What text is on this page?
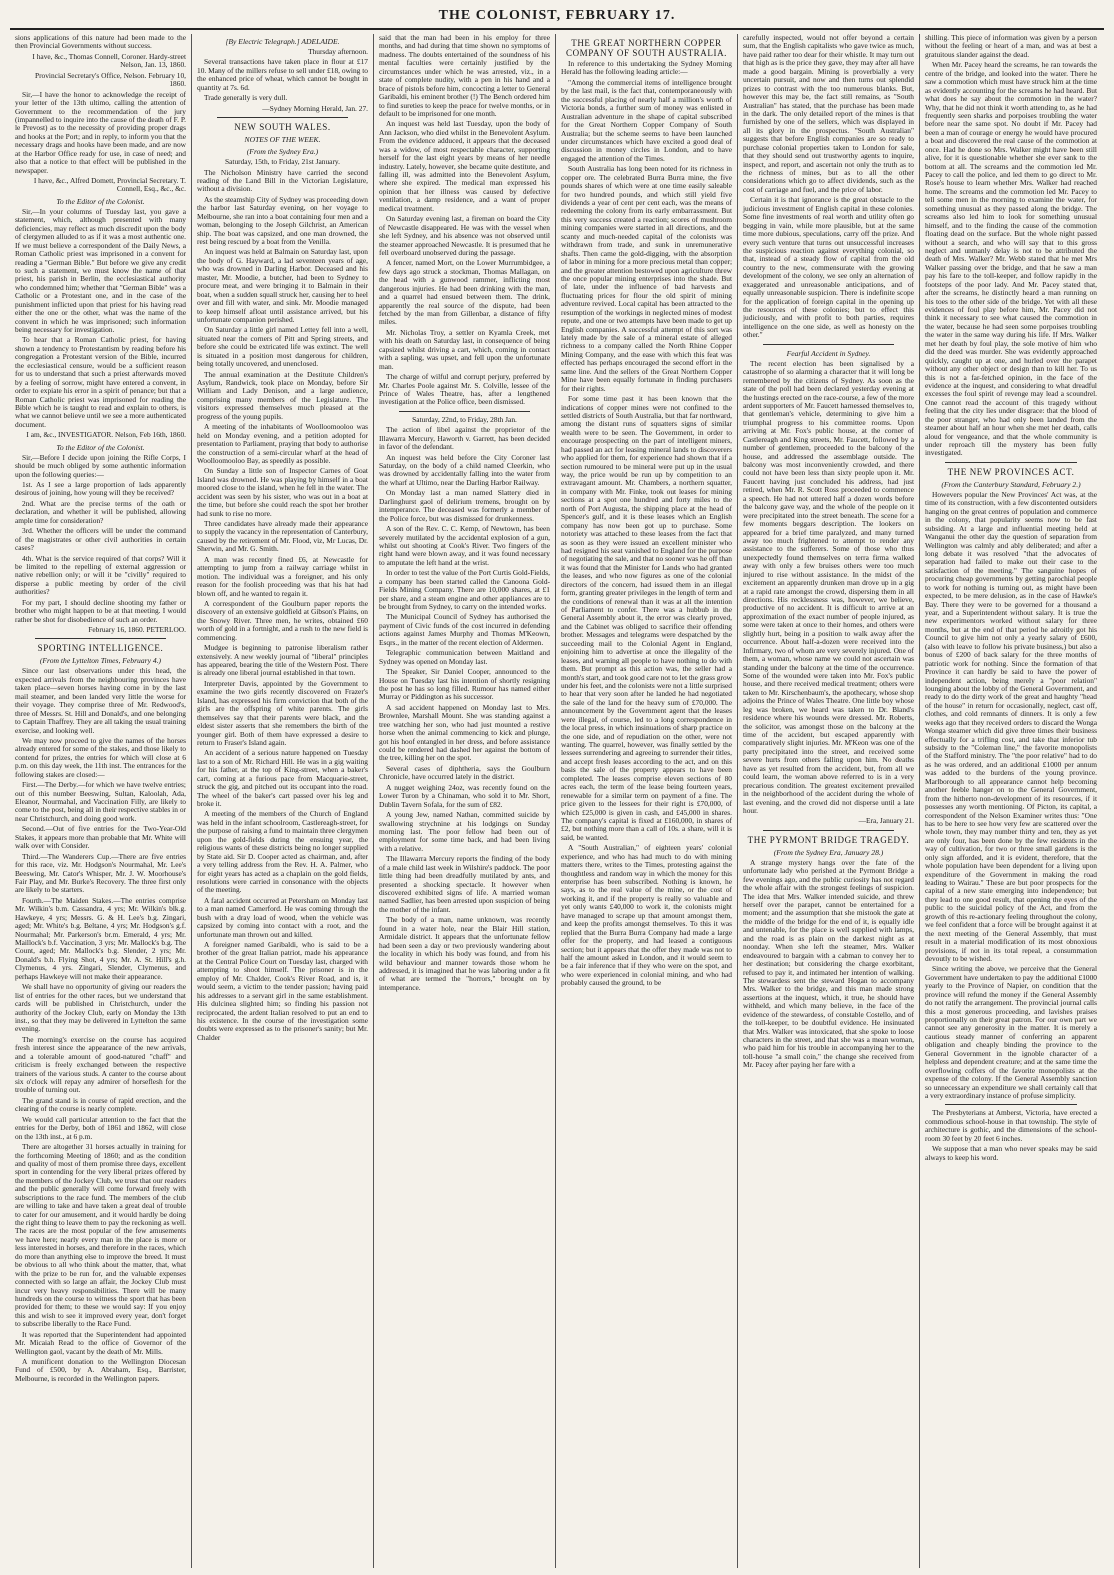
THE COLONIST, FEBRUARY 17.

sions applications of this nature had been made to the then Provincial Governments without success.

I have, &c., Thomas Connell, Coroner. Hardy-street Nelson, Jan. 13, 1860.

Provincial Secretary's Office, Nelson. February 10, 1860.

Sir,—I have the honor to acknowledge the receipt of your letter of the 13th ultimo, calling the attention of Government to the recommendation of the jury (impannelled to inquire into the cause of the death of F. P. le Prevost) as to the necessity of providing proper drags and hooks at the Port; and in reply, to inform you that the necessary drags and hooks have been made, and are now at the Harbor Office ready for use, in case of need; and also that a notice to that effect will be published in the newspaper.

I have, &c., Alfred Domett, Provincial Secretary. T. Connell, Esq., &c., &c.

To the Editor of the Colonist.

Sir,—In your columns of Tuesday last, you gave a statement, which, although presented with many deficiencies, may reflect as much discredit upon the body of clergymen alluded to as if it was a most authentic one. If we must believe a correspondent of the Daily News, a Roman Catholic priest was imprisoned in a convent for reading a "German Bible." But before we give any credit to such a statement, we must know the name of that priest, his parish in Berlin, the ecclesiastical authority who condemned him; whether that "German Bible" was a Catholic or a Protestant one, and in the case of the punishment inflicted upon that priest for his having read either the one or the other, what was the name of the convent in which he was imprisoned; such information being necessary for investigation.

To hear that a Roman Catholic priest, for having shown a tendency to Protestantism by reading before his congregation a Protestant version of the Bible, incurred the ecclesiastical censure, would be a sufficient reason for us to understand that such a priest afterwards moved by a feeling of sorrow, might have entered a convent, in order to expiate his error in a spirit of penance; but that a Roman Catholic priest was imprisoned for reading the Bible which he is taught to read and explain to others, is what we cannot believe until we see a more authenticated document.

I am, &c., INVESTIGATOR. Nelson, Feb 16th, 1860.

To the Editor of the Colonist.

Sir,—Before I decide upon joining the Rifle Corps, I should be much obliged by some authentic information upon the following queries:—

1st. As I see a large proportion of lads apparently desirous of joining, how young will they be received?

2nd. What are the precise terms of the oath or declaration, and whether it will be published, allowing ample time for consideration?

3rd. Whether the officers will be under the command of the magistrates or other civil authorities in certain cases?

4th. What is the service required of that corps? Will it be limited to the repelling of external aggression or native rebellion only; or will it be "civilly" required to disperse a public meeting by order of the civil authorities?

For my part, I should decline shooting my father or brother who might happen to be at that meeting. I would rather be shot for disobedience of such an order.

February 16, 1860. PETERLOO.

SPORTING INTELLIGENCE.
(From the Lyttelton Times, February 4.)

Since our last observations under this head, the expected arrivals from the neighbouring provinces have taken place—seven horses having come in by the last mail steamer, and been landed very little the worse for their voyage. They comprise three of Mr. Redwood's, three of Messrs. St. Hill and Donald's, and one belonging to Captain Thaffrey. They are all taking the usual training exercise, and looking well.

We may now proceed to give the names of the horses already entered for some of the stakes, and those likely to contend for prizes, the entries for which will close at 6 p.m. on this day week, the 11th inst. The entrances for the following stakes are closed:—

First.—The Derby.—for which we have twelve entries; out of this number Beeswing, Sultan, Kaloolah, Ada, Eleanor, Nourmahal, and Vaccination Filly, are likely to come to the post, being all in their respective stables in or near Christchurch, and doing good work.

Second.—Out of five entries for the Two-Year-Old Stakes, it appears more than probable that Mr. White will walk over with Consider.

Third.—The Wanderers Cup.—There are five entries for this race, viz. Mr. Hodgson's Nourmahal, Mr. Lee's Beeswing, Mr. Cator's Whisper, Mr. J. W. Moorhouse's Fair Play, and Mr. Burke's Recovery. The three first only are likely to be starters.

Fourth.—The Maiden Stakes.—The entries comprise Mr. Wilkin's b.m. Cassandra, 4 yrs; Mr. Wilkin's blk.g. Hawkeye, 4 yrs; Messrs. G. & H. Lee's b.g. Zingari, aged; Mr. White's b.g. Beltane, 4 yrs; Mr. Hodgson's g.f. Nourmahal; Mr. Parkerson's br.m. Emerald, 4 yrs; Mr. Maillock's b.f. Vaccination, 3 yrs; Mr. Mallock's b.g. The Count, aged; Mr. Mallock's b.g. Slender, 2 yrs; Mr. Donald's b.h. Flying Shot, 4 yrs; Mr. A. St. Hill's g.h. Clymenus, 4 yrs. Zingari, Slender, Clymenus, and perhaps Hawkeye will not make their appearance.

We shall have no opportunity of giving our readers the list of entries for the other races, but we understand that cards will be published in Christchurch, under the authority of the Jockey Club, early on Monday the 13th inst., so that they may be delivered in Lyttelton the same evening.

The morning's exercise on the course has acquired fresh interest since the appearance of the new arrivals, and a tolerable amount of good-natured "chaff" and criticism is freely exchanged between the respective trainers of the various studs. A canter to the course about six o'clock will repay any admirer of horseflesh for the trouble of turning out.

The grand stand is in course of rapid erection, and the clearing of the course is nearly complete.

We would call particular attention to the fact that the entries for the Derby, both of 1861 and 1862, will close on the 13th inst., at 6 p.m.

There are altogether 31 horses actually in training for the forthcoming Meeting of 1860; and as the condition and quality of most of them promise three days, excellent sport in contending for the very liberal prizes offered by the members of the Jockey Club, we trust that our readers and the public generally will come forward freely with subscriptions to the race fund. The members of the club are willing to take and have taken a great deal of trouble to cater for our amusement, and it would hardly be doing the right thing to leave them to pay the reckoning as well. The races are the most popular of the few amusements we have here; nearly every man in the place is more or less interested in horses, and therefore in the races, which do more than anything else to improve the breed. It must be obvious to all who think about the matter, that, what with the prize to be run for, and the valuable expenses connected with so large an affair, the Jockey Club must incur very heavy responsibilities. There will be many hundreds on the course to witness the sport that has been provided for them; to these we would say: If you enjoy this and wish to see it improved every year, don't forget to subscribe liberally to the Race Fund.

It was reported that the Superintendent had appointed Mr. Micaiah Read to the office of Governor of the Wellington gaol, vacant by the death of Mr. Mills.

A munificent donation to the Wellington Diocesan Fund of £500, by A. Abraham, Esq., Barrister, Melbourne, is recorded in the Wellington papers.

[By Electric Telegraph.] ADELAIDE.

Thursday afternoon.

Several transactions have taken place in flour at £17 10. Many of the millers refuse to sell under £18, owing to the enhanced price of wheat, which cannot be bought in quantity at 7s. 6d.

Trade generally is very dull.

—Sydney Morning Herald, Jan. 27.

NEW SOUTH WALES.
NOTES OF THE WEEK.
(From the Sydney Era.)

Saturday, 15th, to Friday, 21st January.

The Nicholson Ministry have carried the second reading of the Land Bill in the Victorian Legislature, without a division.

As the steamship City of Sydney was proceeding down the harbor last Saturday evening, on her voyage to Melbourne, she ran into a boat containing four men and a woman, belonging to the Joseph Gilchrist, an American ship. The boat was capsized, and one man drowned, the rest being rescued by a boat from the Venilla.

An inquest was held at Balmain on Saturday last, upon the body of G. Hayward, a lad seventeen years of age, who was drowned in Darling Harbor. Deceased and his master, Mr. Moodie, a butcher, had been to Sydney to procure meat, and were bringing it to Balmain in their boat, when a sudden squall struck her, causing her to heel over and fill with water, and sink. Mr. Moodie managed to keep himself afloat until assistance arrived, but his unfortunate companion perished.

On Saturday a little girl named Lettey fell into a well, situated near the corners of Pitt and Spring streets, and before she could be extricated life was extinct. The well is situated in a position most dangerous for children, being totally uncovered, and unenclosed.

The annual examination at the Destitute Children's Asylum, Randwick, took place on Monday, before Sir William and Lady Denison, and a large audience, comprising many members of the Legislature. The visitors expressed themselves much pleased at the progress of the young pupils.

A meeting of the inhabitants of Woolloomooloo was held on Monday evening, and a petition adopted for presentation to Parliament, praying that body to authorise the construction of a semi-circular wharf at the head of Woolloomooloo Bay, as speedily as possible.

On Sunday a little son of Inspector Carnes of Goat Island was drowned. He was playing by himself in a boat moored close to the island, when he fell in the water. The accident was seen by his sister, who was out in a boat at the time, but before she could reach the spot her brother had sunk to rise no more.

Three candidates have already made their appearance to supply the vacancy in the representation of Canterbury, caused by the retirement of Mr. Flood, viz, Mr Lucas, Dr. Sherwin, and Mr. G. Smith.

A man was recently fined £6, at Newcastle for attempting to jump from a railway carriage whilst in motion. The individual was a foreigner, and his only reason for the foolish proceeding was that his hat had blown off, and he wanted to regain it.

A correspondent of the Goulburn paper reports the discovery of an extensive goldfield at Gibson's Plains, on the Snowy River. Three men, he writes, obtained £60 worth of gold in a fortnight, and a rush to the new field is commencing.

Mudgee is beginning to patronise liberalism rather extensively. A new weekly journal of "liberal" principles has appeared, bearing the title of the Western Post. There is already one liberal journal established in that town.

Interpreter Davis, appointed by the Government to examine the two girls recently discovered on Frazer's Island, has expressed his firm conviction that both of the girls are the offspring of white parents. The girls themselves say that their parents were black, and the eldest sister asserts that she remembers the birth of the younger girl. Both of them have expressed a desire to return to Fraser's Island again.

An accident of a serious nature happened on Tuesday last to a son of Mr. Richard Hill. He was in a gig waiting for his father, at the top of King-street, when a baker's cart, coming at a furious pace from Macquarie-street, struck the gig, and pitched out its occupant into the road. The wheel of the baker's cart passed over his leg and broke it.

A meeting of the members of the Church of England was held in the infant schoolroom, Castlereagh-street, for the purpose of raising a fund to maintain three clergymen upon the gold-fields during the ensuing year, the religious wants of these districts being no longer supplied by State aid. Sir D. Cooper acted as chairman, and, after a very telling address from the Rev. H. A. Palmer, who for eight years has acted as a chaplain on the gold fields, resolutions were carried in consonance with the objects of the meeting.

A fatal accident occurred at Petersham on Monday last to a man named Camerford. He was coming through the bush with a dray load of wood, when the vehicle was capsized by coming into contact with a root, and the unfortunate man thrown out and killed.

A foreigner named Garibaldi, who is said to be a brother of the great Italian patriot, made his appearance at the Central Police Court on Tuesday last, charged with attempting to shoot himself. The prisoner is in the employ of Mr. Chalder, Cook's River Road, and is, it would seem, a victim to the tender passion; having paid his addresses to a servant girl in the same establishment. His dulcinea slighted him; so finding his passion not reciprocated, the ardent Italian resolved to put an end to his existence. In the course of the investigation some doubts were expressed as to the prisoner's sanity; but Mr. Chalder

said that the man had been in his employ for three months, and had during that time shown no symptoms of madness. The doubts entertained of the soundness of his mental faculties were certainly justified by the circumstances under which he was arrested, viz., in a state of complete nudity, with a pen in his hand and a brace of pistols before him, concocting a letter to General Garibaldi, his eminent brother (!) The Bench ordered him to find sureties to keep the peace for twelve months, or in default to be imprisoned for one month.

An inquest was held last Tuesday, upon the body of Ann Jackson, who died whilst in the Benevolent Asylum. From the evidence adduced, it appears that the deceased was a widow, of most respectable character, supporting herself for the last eight years by means of her needle industry. Lately, however, she became quite destitute, and falling ill, was admitted into the Benevolent Asylum, where she expired. The medical man expressed his opinion that her illness was caused by defective ventilation, a damp residence, and a want of proper medical treatment.

On Saturday evening last, a fireman on board the City of Newcastle disappeared. He was with the vessel when she left Sydney, and his absence was not observed until the steamer approached Newcastle. It is presumed that he fell overboard unobserved during the passage.

A fencer, named Mort, on the Lower Murrumbidgee, a few days ago struck a stockman, Thomas Mallagan, on the head with a gunwood rammer, inflicting most dangerous injuries. He had been drinking with the man, and a quarrel had ensued between them. The drink, apparently the real source of the dispute, had been fetched by the man from Gillenbar, a distance of fifty miles.

Mr. Nicholas Troy, a settler on Kyamla Creek, met with his death on Saturday last, in consequence of being capsized whilst driving a cart, which, coming in contact with a sapling, was upset, and fell upon the unfortunate man.

The charge of wilful and corrupt perjury, preferred by Mr. Charles Poole against Mr. S. Colville, lessee of the Prince of Wales Theatre, has, after a lengthened investigation at the Police office, been dismissed.

Saturday, 22nd, to Friday, 28th Jan.

The action of libel against the proprietor of the Illawarra Mercury, Haworth v. Garrett, has been decided in favor of the defendant.

An inquest was held before the City Coroner last Saturday, on the body of a child named Cleerkin, who was drowned by accidentally falling into the water from the wharf at Ultimo, near the Darling Harbor Railway.

On Monday last a man named Slattery died in Darlinghurst gaol of delirium tremens, brought on by intemperance. The deceased was formerly a member of the Police force, but was dismissed for drunkenness.

A son of the Rev. C. C. Kemp, of Newtown, has been severely mutilated by the accidental explosion of a gun, whilst out shooting at Cook's River. Two fingers of the right hand were blown away, and it was found necessary to amputate the left hand at the wrist.

In order to test the value of the Port Curtis Gold-Fields, a company has been started called the Canoona Gold-Fields Mining Company. There are 10,000 shares, at £1 per share, and a steam engine and other appliances are to be brought from Sydney, to carry on the intended works.

The Municipal Council of Sydney has authorised the payment of Civic funds of the cost incurred in defending actions against James Murphy and Thomas M'Keown, Esqrs., in the matter of the recent election of Aldermen.

Telegraphic communication between Maitland and Sydney was opened on Monday last.

The Speaker, Sir Daniel Cooper, announced to the House on Tuesday last his intention of shortly resigning the post he has so long filled. Rumour has named either Murray or Piddington as his successor.

A sad accident happened on Monday last to Mrs. Brownlee, Marshall Mount. She was standing against a tree watching her son, who had just mounted a restive horse when the animal commencing to kick and plunge, got his hoof entangled in her dress, and before assistance could be rendered had dashed her against the bottom of the tree, killing her on the spot.

Several cases of diphtheria, says the Goulburn Chronicle, have occurred lately in the district.

A nugget weighing 24oz, was recently found on the Lower Turon by a Chinaman, who sold it to Mr. Short, Dublin Tavern Sofala, for the sum of £82.

A young Jew, named Nathan, committed suicide by swallowing strychnine at his lodgings on Sunday morning last. The poor fellow had been out of employment for some time back, and had been living with a relative.

The Illawarra Mercury reports the finding of the body of a male child last week in Wilshire's paddock. The poor little thing had been dreadfully mutilated by ants, and presented a shocking spectacle. It however when discovered exhibited signs of life. A married woman named Sadlier, has been arrested upon suspicion of being the mother of the infant.

The body of a man, name unknown, was recently found in a water hole, near the Blair Hill station, Armidale district. It appears that the unfortunate fellow had been seen a day or two previously wandering about the locality in which his body was found, and from his wild behaviour and manner towards those whom he addressed, it is imagined that he was laboring under a fit of what are termed the "horrors," brought on by intemperance.

THE GREAT NORTHERN COPPER COMPANY OF SOUTH AUSTRALIA.

In reference to this undertaking the Sydney Morning Herald has the following leading article:—

"Among the commercial items of intelligence brought by the last mail, is the fact that, contemporaneously with the successful placing of nearly half a million's worth of Victoria bonds, a further sum of money was enlisted in Australian adventure in the shape of capital subscribed for the Great Northern Copper Company of South Australia; but the scheme seems to have been launched under circumstances which have excited a good deal of discussion in money circles in London, and to have engaged the attention of the Times.

South Australia has long been noted for its richness in copper ore. The celebrated Burra Burra mine, the five pounds shares of which were at one time easily saleable for two hundred pounds, and which still yield five dividends a year of cent per cent each, was the means of redeeming the colony from its early embarrassment. But this very success created a reaction; scores of mushroom mining companies were started in all directions, and the scanty and much-needed capital of the colonists was withdrawn from trade, and sunk in unremunerative shafts. Then came the gold-digging, with the absorption of labor in mining for a more precious metal than copper; and the greater attention bestowed upon agriculture threw the once popular mining enterprises into the shade. But of late, under the influence of bad harvests and fluctuating prices for flour the old spirit of mining adventure revived. Local capital has been attracted to the resumption of the workings in neglected mines of modest repute, and one or two attempts have been made to get up English companies. A successful attempt of this sort was lately made by the sale of a mineral estate of alleged richness to a company called the North Rhine Copper Mining Company, and the ease with which this feat was effected has perhaps encouraged the second effort in the same line. And the sellers of the Great Northern Copper Mine have been equally fortunate in finding purchasers for their rights.

For some time past it has been known that the indications of copper mines were not confined to the settled districts of South Australia, but that far northward, among the distant runs of squatters signs of similar wealth were to be seen. The Government, in order to encourage prospecting on the part of intelligent miners, had passed an act for leasing mineral lands to discoverers who applied for them, for experience had shown that if a section rumoured to be mineral were put up in the usual way, the price would be run up by competition to an extravagant amount. Mr. Chambers, a northern squatter, in company with Mr. Finke, took out leases for mining sections at a spot one hundred and forty miles to the north of Port Augusta, the shipping place at the head of Spencer's gulf, and it is these leases which an English company has now been got up to purchase. Some notoriety was attached to these leases from the fact that as soon as they were issued an excellent minister who had resigned his seat vanished to England for the purpose of negotiating the sale, and that no sooner was he off than it was found that the Minister for Lands who had granted the leases, and who now figures as one of the colonial directors of the concern, had issued them in an illegal form, granting greater privileges in the length of term and the conditions of renewal than it was at all the intention of Parliament to confer. There was a hubbub in the General Assembly about it, the error was clearly proved, and the Cabinet was obliged to sacrifice their offending brother. Messages and telegrams were despatched by the succeeding mail to the Colonial Agent in England, enjoining him to advertise at once the illegality of the leases, and warning all people to have nothing to do with them. But prompt as this action was, the seller had a month's start, and took good care not to let the grass grow under his feet, and the colonists were not a little surprised to hear that very soon after he landed he had negotiated the sale of the land for the heavy sum of £70,000. The announcement by the Government agent that the leases were illegal, of course, led to a long correspondence in the local press, in which insinuations of sharp practice on the one side, and of repudiation on the other, were not wanting. The quarrel, however, was finally settled by the lessees surrendering and agreeing to surrender their titles, and accept fresh leases according to the act, and on this basis the sale of the property appears to have been completed. The leases comprise eleven sections of 80 acres each, the term of the lease being fourteen years, renewable for a similar term on payment of a fine. The price given to the lessees for their right is £70,000, of which £25,000 is given in cash, and £45,000 in shares. The company's capital is fixed at £160,000, in shares of £2, but nothing more than a call of 10s. a share, will it is said, be wanted.

A "South Australian," of eighteen years' colonial experience, and who has had much to do with mining matters there, writes to the Times, protesting against the thoughtless and random way in which the money for this enterprise has been subscribed. Nothing is known, he says, as to the real value of the mine, or the cost of working it, and if the property is really so valuable and yet only wants £40,000 to work it, the colonists might have managed to scrape up that amount amongst them, and keep the profits amongst themselves. To this it was replied that the Burra Burra Company had made a large offer for the property, and had leased a contiguous section; but it appears that the offer they made was not to half the amount asked in London, and it would seem to be a fair inference that if they who were on the spot, and who were experienced in colonial mining, and who had probably caused the ground, to be

carefully inspected, would not offer beyond a certain sum, that the English capitalists who gave twice as much, have paid rather too dear for their whistle. It may turn out that high as is the price they gave, they may after all have made a good bargain. Mining is proverbially a very uncertain pursuit, and now and then turns out splendid prizes to contrast with the too numerous blanks. But, however this may be, the fact still remains, as "South Australian" has stated, that the purchase has been made in the dark. The only detailed report of the mines is that furnished by one of the sellers, which was displayed in all its glory in the prospectus. "South Australian" suggests that before English companies are so ready to purchase colonial properties taken to London for sale, that they should send out trustworthy agents to inquire, inspect, and report, and ascertain not only the truth as to the richness of mines, but as to all the other considerations which go to affect dividends, such as the cost of carriage and fuel, and the price of labor.

Certain it is that ignorance is the great obstacle to the judicious investment of English capital in these colonies. Some fine investments of real worth and utility often go begging in vain, while more plausible, but at the same time more dubious, speculations, carry off the prize. And every such venture that turns out unsuccessful increases the suspicious reaction against everything colonial, so that, instead of a steady flow of capital from the old country to the new, commensurate with the growing development of the colony, we see only an alternation of exaggerated and unreasonable anticipations, and of equally unreasonable suspicion. There is indefinite scope for the application of foreign capital in the opening up the resources of these colonies; but to effect this judiciously, and with profit to both parties, requires intelligence on the one side, as well as honesty on the other."

Fearful Accident in Sydney.

The recent election has been signalised by a catastrophe of so alarming a character that it will long be remembered by the citizens of Sydney. As soon as the state of the poll had been declared yesterday evening at the hustings erected on the race-course, a few of the more ardent supporters of Mr. Faucett harnessed themselves to, that gentleman's vehicle, determining to give him a triumphal progress to his committee rooms. Upon arriving at Mr. Fox's public house, at the corner of Castlereagh and King streets, Mr. Faucett, followed by a number of gentlemen, proceeded to the balcony of the house, and addressed the assemblage outside. The balcony was most inconveniently crowded, and there could not have been less than sixty people upon it. Mr. Faucett having just concluded his address, had just retired, when Mr. R. Scott Ross proceeded to commence a speech. He had not uttered half a dozen words before the balcony gave way, and the whole of the people on it were precipitated into the street beneath. The scene for a few moments beggars description. The lookers on appeared for a brief time paralyzed, and many turned away too much frightened to attempt to render any assistance to the sufferers. Some of those who thus unexpectedly found themselves on terra firma walked away with only a few bruises others were too much injured to rise without assistance. In the midst of the excitement an apparently drunken man drove up in a gig at a rapid rate amongst the crowd, dispersing them in all directions. His recklessness was, however, we believe, productive of no accident. It is difficult to arrive at an approximation of the exact number of people injured, as some were taken at once to their homes, and others were slightly hurt, being in a position to walk away after the occurrence. About half-a-dozen were received into the Infirmary, two of whom are very severely injured. One of them, a woman, whose name we could not ascertain was standing under the balcony at the time of the occurrence. Some of the wounded were taken into Mr. Fox's public house, and there received medical treatment; others were taken to Mr. Kirschenbaum's, the apothecary, whose shop adjoins the Prince of Wales Theatre. One little boy whose leg was broken, we heard was taken to Dr. Bland's residence where his wounds were dressed. Mr. Roberts, the solicitor, was amongst those on the balcony at the time of the accident, but escaped apparently with comparatively slight injuries. Mr. M'Keon was one of the party precipitated into the street, and received some severe hurts from others falling upon him. No deaths have as yet resulted from the accident, but, from all we could learn, the woman above referred to is in a very precarious condition. The greatest excitement prevailed in the neighborhood of the accident during the whole of last evening, and the crowd did not disperse until a late hour.

—Era, January 21.

THE PYRMONT BRIDGE TRAGEDY.
(From the Sydney Era, January 28.)

A strange mystery hangs over the fate of the unfortunate lady who perished at the Pyrmont Bridge a few evenings ago, and the public curiosity has not regard the whole affair with the strongest feelings of suspicion. The idea that Mrs. Walker intended suicide, and threw herself over the parapet, cannot be entertained for a moment; and the assumption that she mistook the gate at the middle of the bridge for the end of it, is equally idle and untenable, for the place is well supplied with lamps, and the road is as plain on the darkest night as at noonday. When she left the steamer, Mrs. Walker endeavoured to bargain with a cabman to convey her to her destination; but considering the charge exorbitant, refused to pay it, and intimated her intention of walking. The stewardess sent the steward Hogan to accompany Mrs. Walker to the bridge, and this man made strong assertions at the inquest, which, it true, he should have withheld, and which many believe, in the face of the evidence of the stewardess, of constable Costello, and of the toll-keeper, to be doubtful evidence. He insinuated that Mrs. Walker was intoxicated, that she spoke to loose characters in the street, and that she was a mean woman, who paid him for his trouble in accompanying her to the toll-house "a small coin," the change she received from Mr. Pacey after paying her fare with a

shilling. This piece of information was given by a person without the feeling or heart of a man, and was at best a gratuitous slander against the dead.

When Mr. Pacey heard the screams, he ran towards the centre of the bridge, and looked into the water. There he saw a commotion which must have struck him at the time as evidently accounting for the screams he had heard. But what does he say about the commotion in the water? Why, that he did not think it worth attending to, as he had frequently seen sharks and porpoises troubling the water before near the same spot. No doubt if Mr. Pacey had been a man of courage or energy he would have procured a boat and discovered the real cause of the commotion at once. Had he done so Mrs. Walker might have been still alive, for it is questionable whether she ever sank to the bottom at all. The screams and the commotion led Mr. Pacey to call the police, and led them to go direct to Mr. Rose's house to learn whether Mrs. Walker had reached home. The screams and the commotion led Mr. Pacey to tell some men in the morning to examine the water, for something unusual as they passed along the bridge. The screams also led him to look for something unusual himself, and to the finding the cause of the commotion floating dead on the surface. But the whole night passed without a search, and who will say that to this gross neglect and unmanly delay is not to be attributed the death of Mrs. Walker? Mr. Webb stated that he met Mrs Walker passing over the bridge, and that he saw a man pay his fare to the toll-keeper, and follow rapidly in the footsteps of the poor lady. And Mr. Pacey stated that, after the screams, he distinctly heard a man running on his toes to the other side of the bridge. Yet with all these evidences of foul play before him, Mr. Pacey did not think it necessary to see what caused the commotion in the water, because he had seen some porpoises troubling the water in the same way during his life. If Mrs. Walker met her death by foul play, the sole motive of him who did the deed was murder. She was evidently approached quickly, caught up at one, and hurled over the parapet without any other object or design than to kill her. To us this is not a far-fetched opinion, in the face of the evidence at the inquest, and considering to what dreadful excesses the foul spirit of revenge may lead a scoundrel. One cannot read the account of this tragedy without feeling that the city lies under disgrace: that the blood of the poor stranger, who had only been landed from the steamer about half an hour when she met her death, calls aloud for vengeance, and that the whole community is under reproach till the mystery has been fully investigated.

THE NEW PROVINCES ACT.
(From the Canterbury Standard, February 2.)

Howevers popular the New Provinces' Act was, at the time of its construction, with a few discontented outsiders hanging on the great centres of population and commerce in the colony, that popularity seems now to be fast subsiding. At a large and influential meeting held at Wanganui the other day the question of separation from Wellington was calmly and ably deliberated; and after a long debate it was resolved "that the advocates of separation had failed to make out their case to the satisfaction of the meeting." The sanguine hopes of procuring cheap governments by getting parochial people to work for nothing is turning out, as might have been expected, to be mere delusion, as in the case of Hawke's Bay. There they were to be governed for a thousand a year, and a Superintendent without salary. It is true the new experimentors worked without salary for three months, but at the end of that period he adroitly got his Council to give him not only a yearly salary of £600, (also with leave to follow his private business,) but also a bonus of £200 of back salary for the three months of patriotic work for nothing. Since the formation of that Province it can hardly be said to have the power of independent action, being merely a "poor relation" lounging about the lobby of the General Government, and ready to do the dirty work of the great and haughty "head of the house" in return for occasionally, neglect, cast off, clothes, and cold remnants of dinners. It is only a few weeks ago that they received orders to discard the Wonga Wonga steamer which did give three times their business effectually for a trifling cost, and take that inferior tub subsidy to the "Coleman line," the favorite monopolists of the Stafford ministry. The "the poor relative" had to do as he was ordered, and an additional £1000 per annum was added to the burdens of the young province. Marlborough to all appearance cannot help becoming another feeble hanger on to the General Government, from the hitherto non-development of its resources, if it possesses any worth mentioning. Of Picton, its capital, a correspondent of the Nelson Examiner writes thus: "One has to be here to see how very few are scattered over the whole town, they may number thirty and ten, they as yet are only four, has been done by the few residents in the way of cultivation, for two or three small gardens is the only sign afforded, and it is evident, therefore, that the whole population have been dependent for a living upon expenditure of the Government in making the road leading to Wairau." These are but poor prospects for the capital of a new state emerging into independence; but they lead to one good result, that opening the eyes of the public to the suicidal policy of the Act, and from the growth of this re-actionary feeling throughout the colony, we feel confident that a force will be brought against it at the next meeting of the General Assembly, that must result in a material modification of its most obnoxious provisions, if not in its total repeal, a consummation devoutly to be wished.

Since writing the above, we perceive that the General Government have undertaken to pay the additional £1000 yearly to the Province of Napier, on condition that the province will refund the money if the General Assembly do not ratify the arrangement. The provincial journal calls this a most generous proceeding, and lavishes praises proportionally on their great patron. For our own part we cannot see any generosity in the matter. It is merely a cautious steady manner of conferring an apparent obligation and cheaply binding the province to the General Government in the ignoble character of a helpless and dependent creature; and at the same time the overflowing coffers of the favorite monopolists at the expense of the colony. If the General Assembly sanction so unnecessary an expenditure we shall certainly call that a very extraordinary instance of profuse simplicity.

The Presbyterians at Amberst, Victoria, have erected a commodious school-house in that township. The style of architecture is gothic, and the dimensions of the school-room 30 feet by 20 feet 6 inches.

We suppose that a man who never speaks may be said always to keep his word.
